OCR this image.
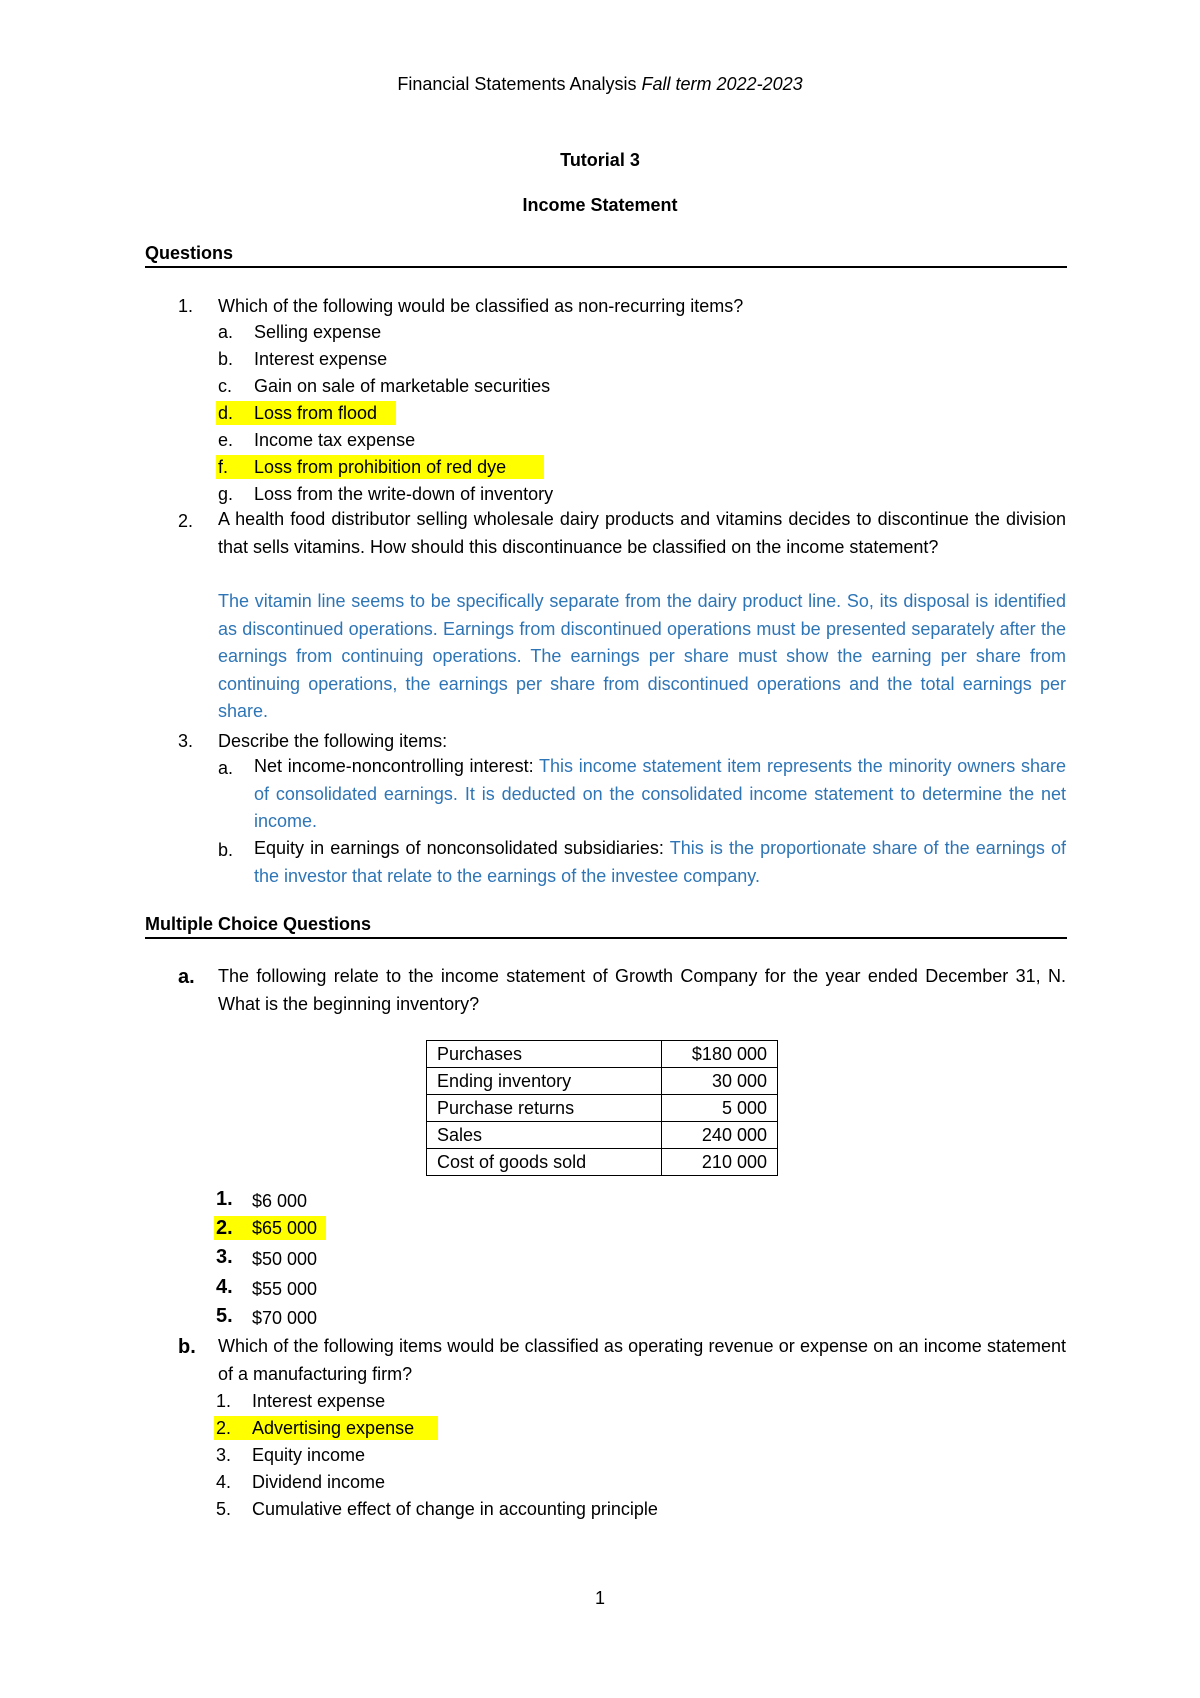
Financial Statements Analysis Fall term 2022-2023
Tutorial 3
Income Statement
Questions
1. Which of the following would be classified as non-recurring items?
a. Selling expense
b. Interest expense
c. Gain on sale of marketable securities
d. Loss from flood
e. Income tax expense
f. Loss from prohibition of red dye
g. Loss from the write-down of inventory
2. A health food distributor selling wholesale dairy products and vitamins decides to discontinue the division that sells vitamins. How should this discontinuance be classified on the income statement?
The vitamin line seems to be specifically separate from the dairy product line. So, its disposal is identified as discontinued operations. Earnings from discontinued operations must be presented separately after the earnings from continuing operations. The earnings per share must show the earning per share from continuing operations, the earnings per share from discontinued operations and the total earnings per share.
3. Describe the following items:
a. Net income-noncontrolling interest: This income statement item represents the minority owners share of consolidated earnings. It is deducted on the consolidated income statement to determine the net income.
b. Equity in earnings of nonconsolidated subsidiaries: This is the proportionate share of the earnings of the investor that relate to the earnings of the investee company.
Multiple Choice Questions
a. The following relate to the income statement of Growth Company for the year ended December 31, N. What is the beginning inventory?
Purchases	$180 000
Ending inventory	30 000
Purchase returns	5 000
Sales	240 000
Cost of goods sold	210 000
1. $6 000
2. $65 000
3. $50 000
4. $55 000
5. $70 000
b. Which of the following items would be classified as operating revenue or expense on an income statement of a manufacturing firm?
1. Interest expense
2. Advertising expense
3. Equity income
4. Dividend income
5. Cumulative effect of change in accounting principle
1
